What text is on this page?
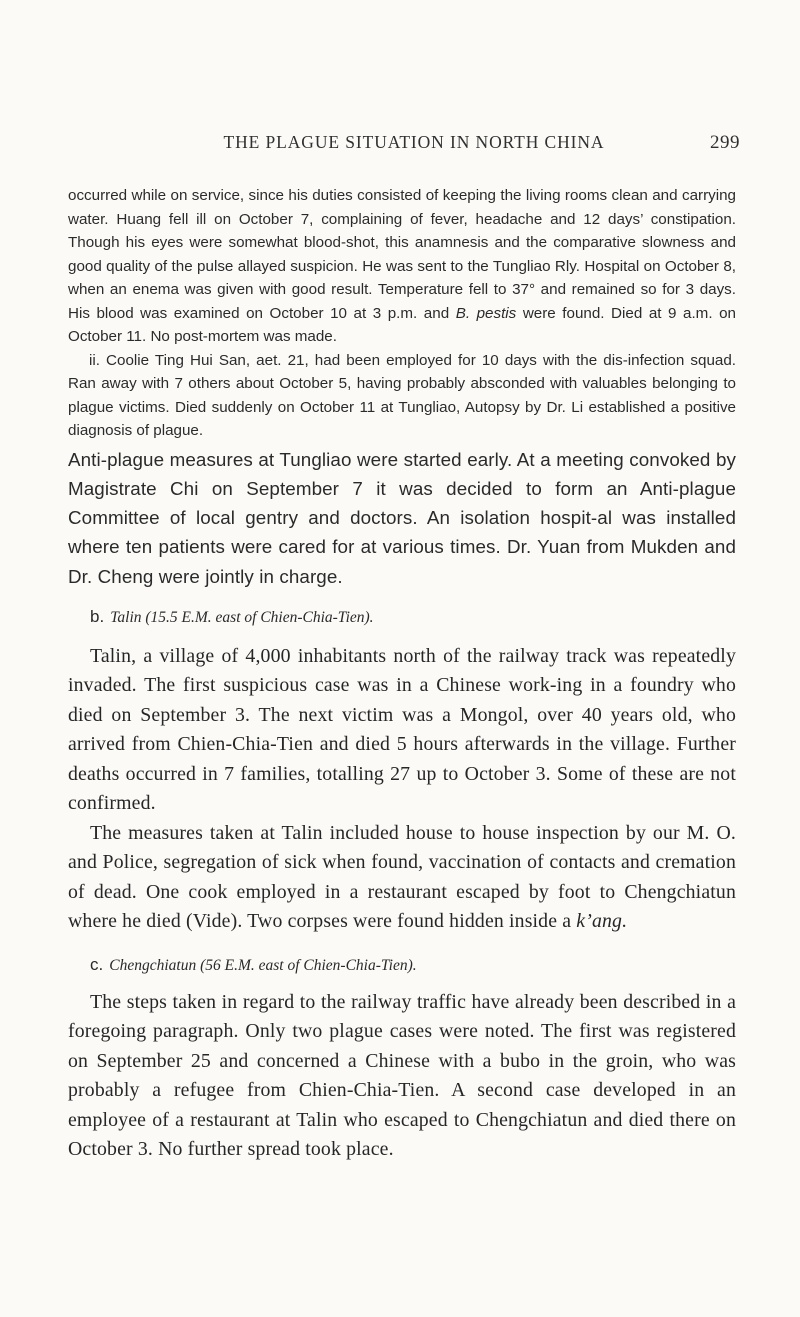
THE PLAGUE SITUATION IN NORTH CHINA	299

occurred while on service, since his duties consisted of keeping the living rooms clean and carrying water. Huang fell ill on October 7, complaining of fever, headache and 12 days’ constipation. Though his eyes were somewhat blood-shot, this anamnesis and the comparative slowness and good quality of the pulse allayed suspicion. He was sent to the Tungliao Rly. Hospital on October 8, when an enema was given with good result. Temperature fell to 37° and remained so for 3 days. His blood was examined on October 10 at 3 p.m. and B. pestis were found. Died at 9 a.m. on October 11. No post-mortem was made.

ii. Coolie Ting Hui San, aet. 21, had been employed for 10 days with the dis-infection squad. Ran away with 7 others about October 5, having probably absconded with valuables belonging to plague victims. Died suddenly on October 11 at Tungliao, Autopsy by Dr. Li established a positive diagnosis of plague.

Anti-plague measures at Tungliao were started early. At a meeting convoked by Magistrate Chi on September 7 it was decided to form an Anti-plague Committee of local gentry and doctors. An isolation hospit-al was installed where ten patients were cared for at various times. Dr. Yuan from Mukden and Dr. Cheng were jointly in charge.

b. Talin (15.5 E.M. east of Chien-Chia-Tien).

Talin, a village of 4,000 inhabitants north of the railway track was repeatedly invaded. The first suspicious case was in a Chinese work-ing in a foundry who died on September 3. The next victim was a Mongol, over 40 years old, who arrived from Chien-Chia-Tien and died 5 hours afterwards in the village. Further deaths occurred in 7 families, totalling 27 up to October 3. Some of these are not confirmed.

The measures taken at Talin included house to house inspection by our M. O. and Police, segregation of sick when found, vaccination of contacts and cremation of dead. One cook employed in a restaurant escaped by foot to Chengchiatun where he died (Vide). Two corpses were found hidden inside a k’ang.

c. Chengchiatun (56 E.M. east of Chien-Chia-Tien).

The steps taken in regard to the railway traffic have already been described in a foregoing paragraph. Only two plague cases were noted. The first was registered on September 25 and concerned a Chinese with a bubo in the groin, who was probably a refugee from Chien-Chia-Tien. A second case developed in an employee of a restaurant at Talin who escaped to Chengchiatun and died there on October 3. No further spread took place.
